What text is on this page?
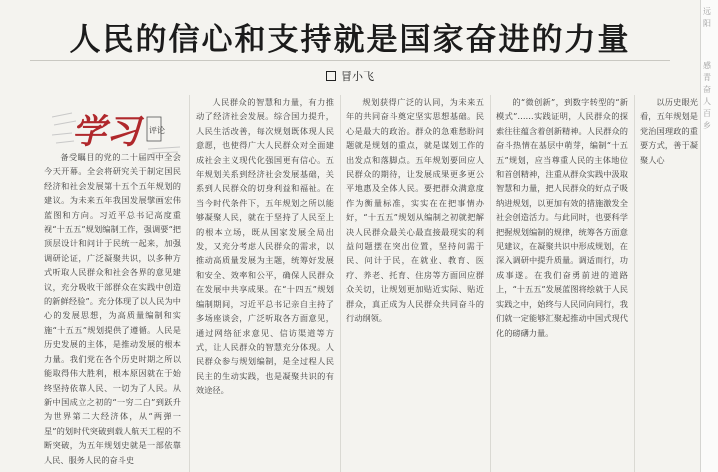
人民的信心和支持就是国家奋进的力量
冒小飞
学习	评论

备受瞩目的党的二十届四中全会今天开幕。全会将研究关于制定国民经济和社会发展第十五个五年规划的建议。为未来五年我国发展擘画宏伟蓝图和方向。习近平总书记高度重视“十五五”规划编制工作，强调要“把顶层设计和问计于民统一起来，加强调研论证，广泛凝聚共识，以多种方式听取人民群众和社会各界的意见建议，充分吸收干部群众在实践中创造的新鲜经验”。充分体现了以人民为中心的发展思想，为高质量编制和实施“十五五”规划提供了遵循。人民是历史发展的主体，是推动发展的根本力量。我们党在各个历史时期之所以能取得伟大胜利，根本原因就在于始终坚持依靠人民、一切为了人民。从新中国成立之初的“一穷二白”到跃升为世界第二大经济体，从“两弹一星”的划时代突破到载人航天工程的不断突破，为五年规划史就是一部依靠人民、服务人民的奋斗史

人民群众的智慧和力量，有力推动了经济社会发展。综合国力提升，人民生活改善，每次规划既体现人民意愿，也使得广大人民群众对全面建成社会主义现代化强国更有信心。五年规划关系到经济社会发展基础，关系到人民群众的切身利益和福祉。在当今时代条件下，五年规划之所以能够凝聚人民，就在于坚持了人民至上的根本立场，既从国家发展全局出发，又充分考虑人民群众的需求，以推动高质量发展为主题，统筹好发展和安全、效率和公平，确保人民群众在发展中共享成果。在“十四五”规划编制期间，习近平总书记亲自主持了多场座谈会，广泛听取各方面意见，通过网络征求意见、信访渠道等方式，让人民群众的智慧充分体现。人民群众参与规划编制，是全过程人民民主的生动实践，也是凝聚共识的有效途径。

规划获得广泛的认同，为未来五年的共同奋斗奠定坚实思想基础。民心是最大的政治。群众的急难愁盼问题就是规划的重点，就是谋划工作的出发点和落脚点。五年规划要回应人民群众的期待，让发展成果更多更公平地惠及全体人民。要把群众满意度作为衡量标准，实实在在把事情办好，“十五五”规划从编制之初就把解决人民群众最关心最直接最现实的利益问题摆在突出位置，坚持问需于民、问计于民，在就业、教育、医疗、养老、托育、住房等方面回应群众关切，让规划更加贴近实际、贴近群众，真正成为人民群众共同奋斗的行动纲领。

的“微创新”，到数字转型的“新模式”……实践证明，人民群众的探索往往蕴含着创新精神。人民群众的奋斗热情在基层中萌芽，编制“十五五”规划，应当尊重人民的主体地位和首创精神，注重从群众实践中汲取智慧和力量，把人民群众的好点子吸纳进规划，以更加有效的措施激发全社会创造活力。与此同时，也要科学把握规划编制的规律，统筹各方面意见建议，在凝聚共识中形成规划，在深入调研中提升质量。调适而行，功成事遂。在我们奋勇前进的道路上，“十五五”发展蓝图将绘就于人民实践之中，始终与人民同向同行，我们就一定能够汇聚起推动中国式现代化的磅礴力量。

以历史眼光看，五年规划是党治国理政的重要方式，善于凝聚人心

远
阳
感
青
奋
人
百
乡
